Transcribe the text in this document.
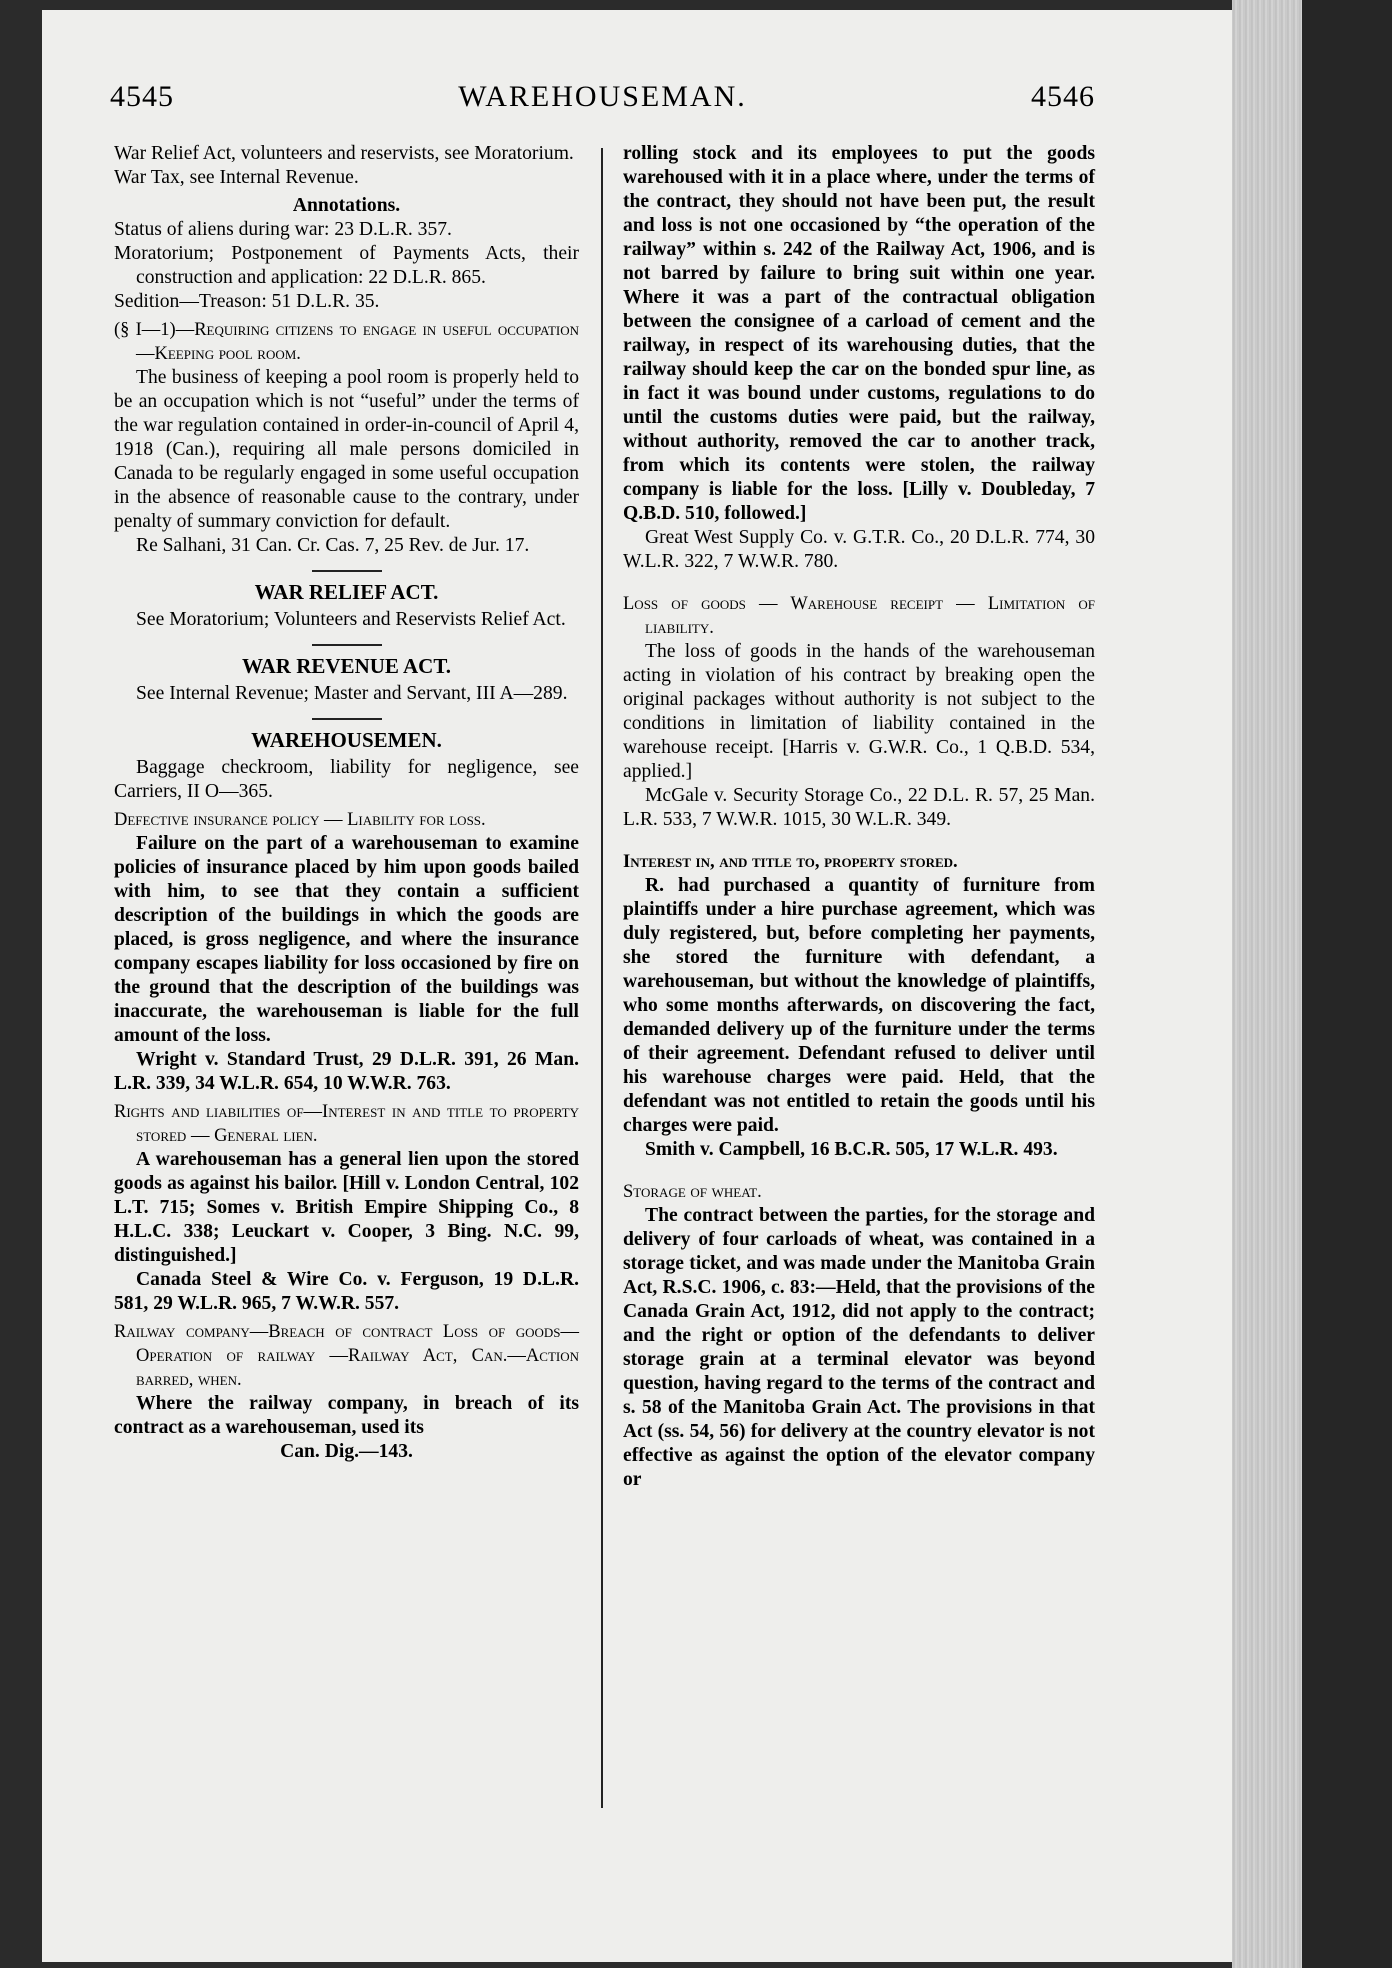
4545	WAREHOUSEMAN.	4546

War Relief Act, volunteers and reservists, see Moratorium.

War Tax, see Internal Revenue.

Annotations.

Status of aliens during war: 23 D.L.R. 357.

Moratorium; Postponement of Payments Acts, their construction and application: 22 D.L.R. 865.

Sedition—Treason: 51 D.L.R. 35.

(§ I—1)—Requiring citizens to engage in useful occupation—Keeping pool room.

The business of keeping a pool room is properly held to be an occupation which is not “useful” under the terms of the war regulation contained in order-in-council of April 4, 1918 (Can.), requiring all male persons domiciled in Canada to be regularly engaged in some useful occupation in the absence of reasonable cause to the contrary, under penalty of summary conviction for default.

Re Salhani, 31 Can. Cr. Cas. 7, 25 Rev. de Jur. 17.

WAR RELIEF ACT.

See Moratorium; Volunteers and Reservists Relief Act.

WAR REVENUE ACT.

See Internal Revenue; Master and Servant, III A—289.

WAREHOUSEMEN.

Baggage checkroom, liability for negligence, see Carriers, II O—365.

Defective insurance policy — Liability for loss.

Failure on the part of a warehouseman to examine policies of insurance placed by him upon goods bailed with him, to see that they contain a sufficient description of the buildings in which the goods are placed, is gross negligence, and where the insurance company escapes liability for loss occasioned by fire on the ground that the description of the buildings was inaccurate, the warehouseman is liable for the full amount of the loss.

Wright v. Standard Trust, 29 D.L.R. 391, 26 Man. L.R. 339, 34 W.L.R. 654, 10 W.W.R. 763.

Rights and liabilities of—Interest in and title to property stored — General lien.

A warehouseman has a general lien upon the stored goods as against his bailor. [Hill v. London Central, 102 L.T. 715; Somes v. British Empire Shipping Co., 8 H.L.C. 338; Leuckart v. Cooper, 3 Bing. N.C. 99, distinguished.]

Canada Steel & Wire Co. v. Ferguson, 19 D.L.R. 581, 29 W.L.R. 965, 7 W.W.R. 557.

Railway company—Breach of contract Loss of goods—Operation of railway —Railway Act, Can.—Action barred, when.

Where the railway company, in breach of its contract as a warehouseman, used its

Can. Dig.—143.

rolling stock and its employees to put the goods warehoused with it in a place where, under the terms of the contract, they should not have been put, the result and loss is not one occasioned by “the operation of the railway” within s. 242 of the Railway Act, 1906, and is not barred by failure to bring suit within one year. Where it was a part of the contractual obligation between the consignee of a carload of cement and the railway, in respect of its warehousing duties, that the railway should keep the car on the bonded spur line, as in fact it was bound under customs, regulations to do until the customs duties were paid, but the railway, without authority, removed the car to another track, from which its contents were stolen, the railway company is liable for the loss. [Lilly v. Doubleday, 7 Q.B.D. 510, followed.]

Great West Supply Co. v. G.T.R. Co., 20 D.L.R. 774, 30 W.L.R. 322, 7 W.W.R. 780.

Loss of goods — Warehouse receipt — Limitation of liability.

The loss of goods in the hands of the warehouseman acting in violation of his contract by breaking open the original packages without authority is not subject to the conditions in limitation of liability contained in the warehouse receipt. [Harris v. G.W.R. Co., 1 Q.B.D. 534, applied.]

McGale v. Security Storage Co., 22 D.L. R. 57, 25 Man. L.R. 533, 7 W.W.R. 1015, 30 W.L.R. 349.

Interest in, and title to, property stored.

R. had purchased a quantity of furniture from plaintiffs under a hire purchase agreement, which was duly registered, but, before completing her payments, she stored the furniture with defendant, a warehouseman, but without the knowledge of plaintiffs, who some months afterwards, on discovering the fact, demanded delivery up of the furniture under the terms of their agreement. Defendant refused to deliver until his warehouse charges were paid. Held, that the defendant was not entitled to retain the goods until his charges were paid.

Smith v. Campbell, 16 B.C.R. 505, 17 W.L.R. 493.

Storage of wheat.

The contract between the parties, for the storage and delivery of four carloads of wheat, was contained in a storage ticket, and was made under the Manitoba Grain Act, R.S.C. 1906, c. 83:—Held, that the provisions of the Canada Grain Act, 1912, did not apply to the contract; and the right or option of the defendants to deliver storage grain at a terminal elevator was beyond question, having regard to the terms of the contract and s. 58 of the Manitoba Grain Act. The provisions in that Act (ss. 54, 56) for delivery at the country elevator is not effective as against the option of the elevator company or
